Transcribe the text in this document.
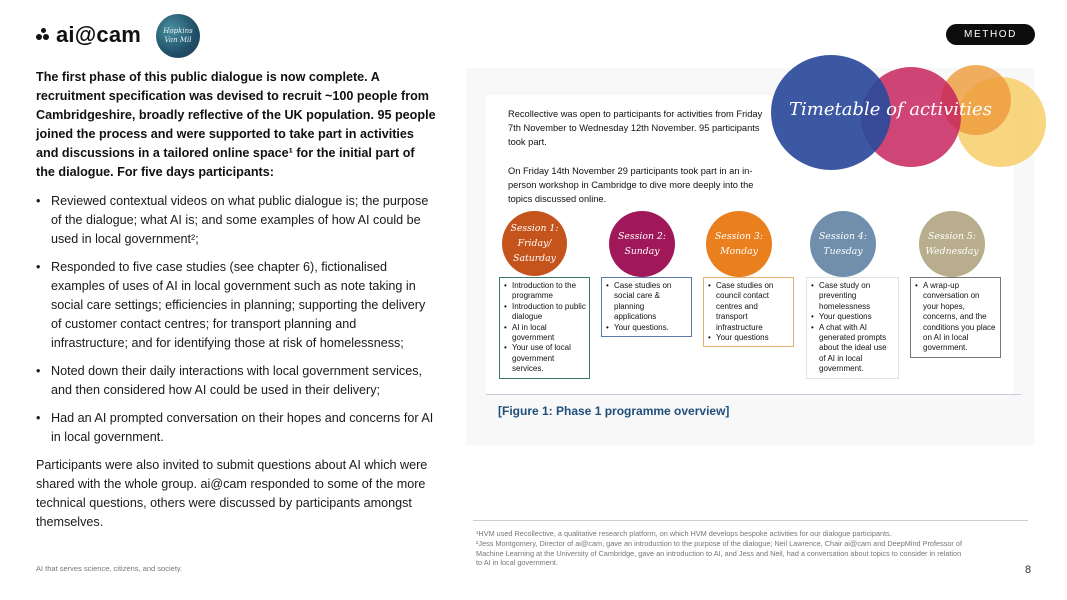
ai@cam	Hopkins Van Mil	METHOD

The first phase of this public dialogue is now complete. A recruitment specification was devised to recruit ~100 people from Cambridgeshire, broadly reflective of the UK population. 95 people joined the process and were supported to take part in activities and discussions in a tailored online space¹ for the initial part of the dialogue. For five days participants:

• Reviewed contextual videos on what public dialogue is; the purpose of the dialogue; what AI is; and some examples of how AI could be used in local government²;
• Responded to five case studies (see chapter 6), fictionalised examples of uses of AI in local government such as note taking in social care settings; efficiencies in planning; supporting the delivery of customer contact centres; for transport planning and infrastructure; and for identifying those at risk of homelessness;
• Noted down their daily interactions with local government services, and then considered how AI could be used in their delivery;
• Had an AI prompted conversation on their hopes and concerns for AI in local government.

Participants were also invited to submit questions about AI which were shared with the whole group. ai@cam responded to some of the more technical questions, others were discussed by participants amongst themselves.

AI that serves science, citizens, and society.
Timetable of activities

Recollective was open to participants for activities from Friday 7th November to Wednesday 12th November. 95 participants took part.

On Friday 14th November 29 participants took part in an in-person workshop in Cambridge to dive more deeply into the topics discussed online.

Session 1: Friday/ Saturday
Session 2: Sunday
Session 3: Monday
Session 4: Tuesday
Session 5: Wednesday
• Introduction to the programme
• Introduction to public dialogue
• AI in local government
• Your use of local government services.
• Case studies on social care & planning applications
• Your questions.
• Case studies on council contact centres and transport infrastructure
• Your questions
• Case study on preventing homelessness
• Your questions
• A chat with AI generated prompts about the ideal use of AI in local government.
• A wrap-up conversation on your hopes, concerns, and the conditions you place on AI in local government.
[Figure 1: Phase 1 programme overview]
¹HVM used Recollective, a qualitative research platform, on which HVM develops bespoke activities for our dialogue participants.
²Jess Montgomery, Director of ai@cam, gave an introduction to the purpose of the dialogue; Neil Lawrence, Chair ai@cam and DeepMind Professor of Machine Learning at the University of Cambridge, gave an introduction to AI, and Jess and Neil, had a conversation about topics to consider in relation to AI in local government.
8
